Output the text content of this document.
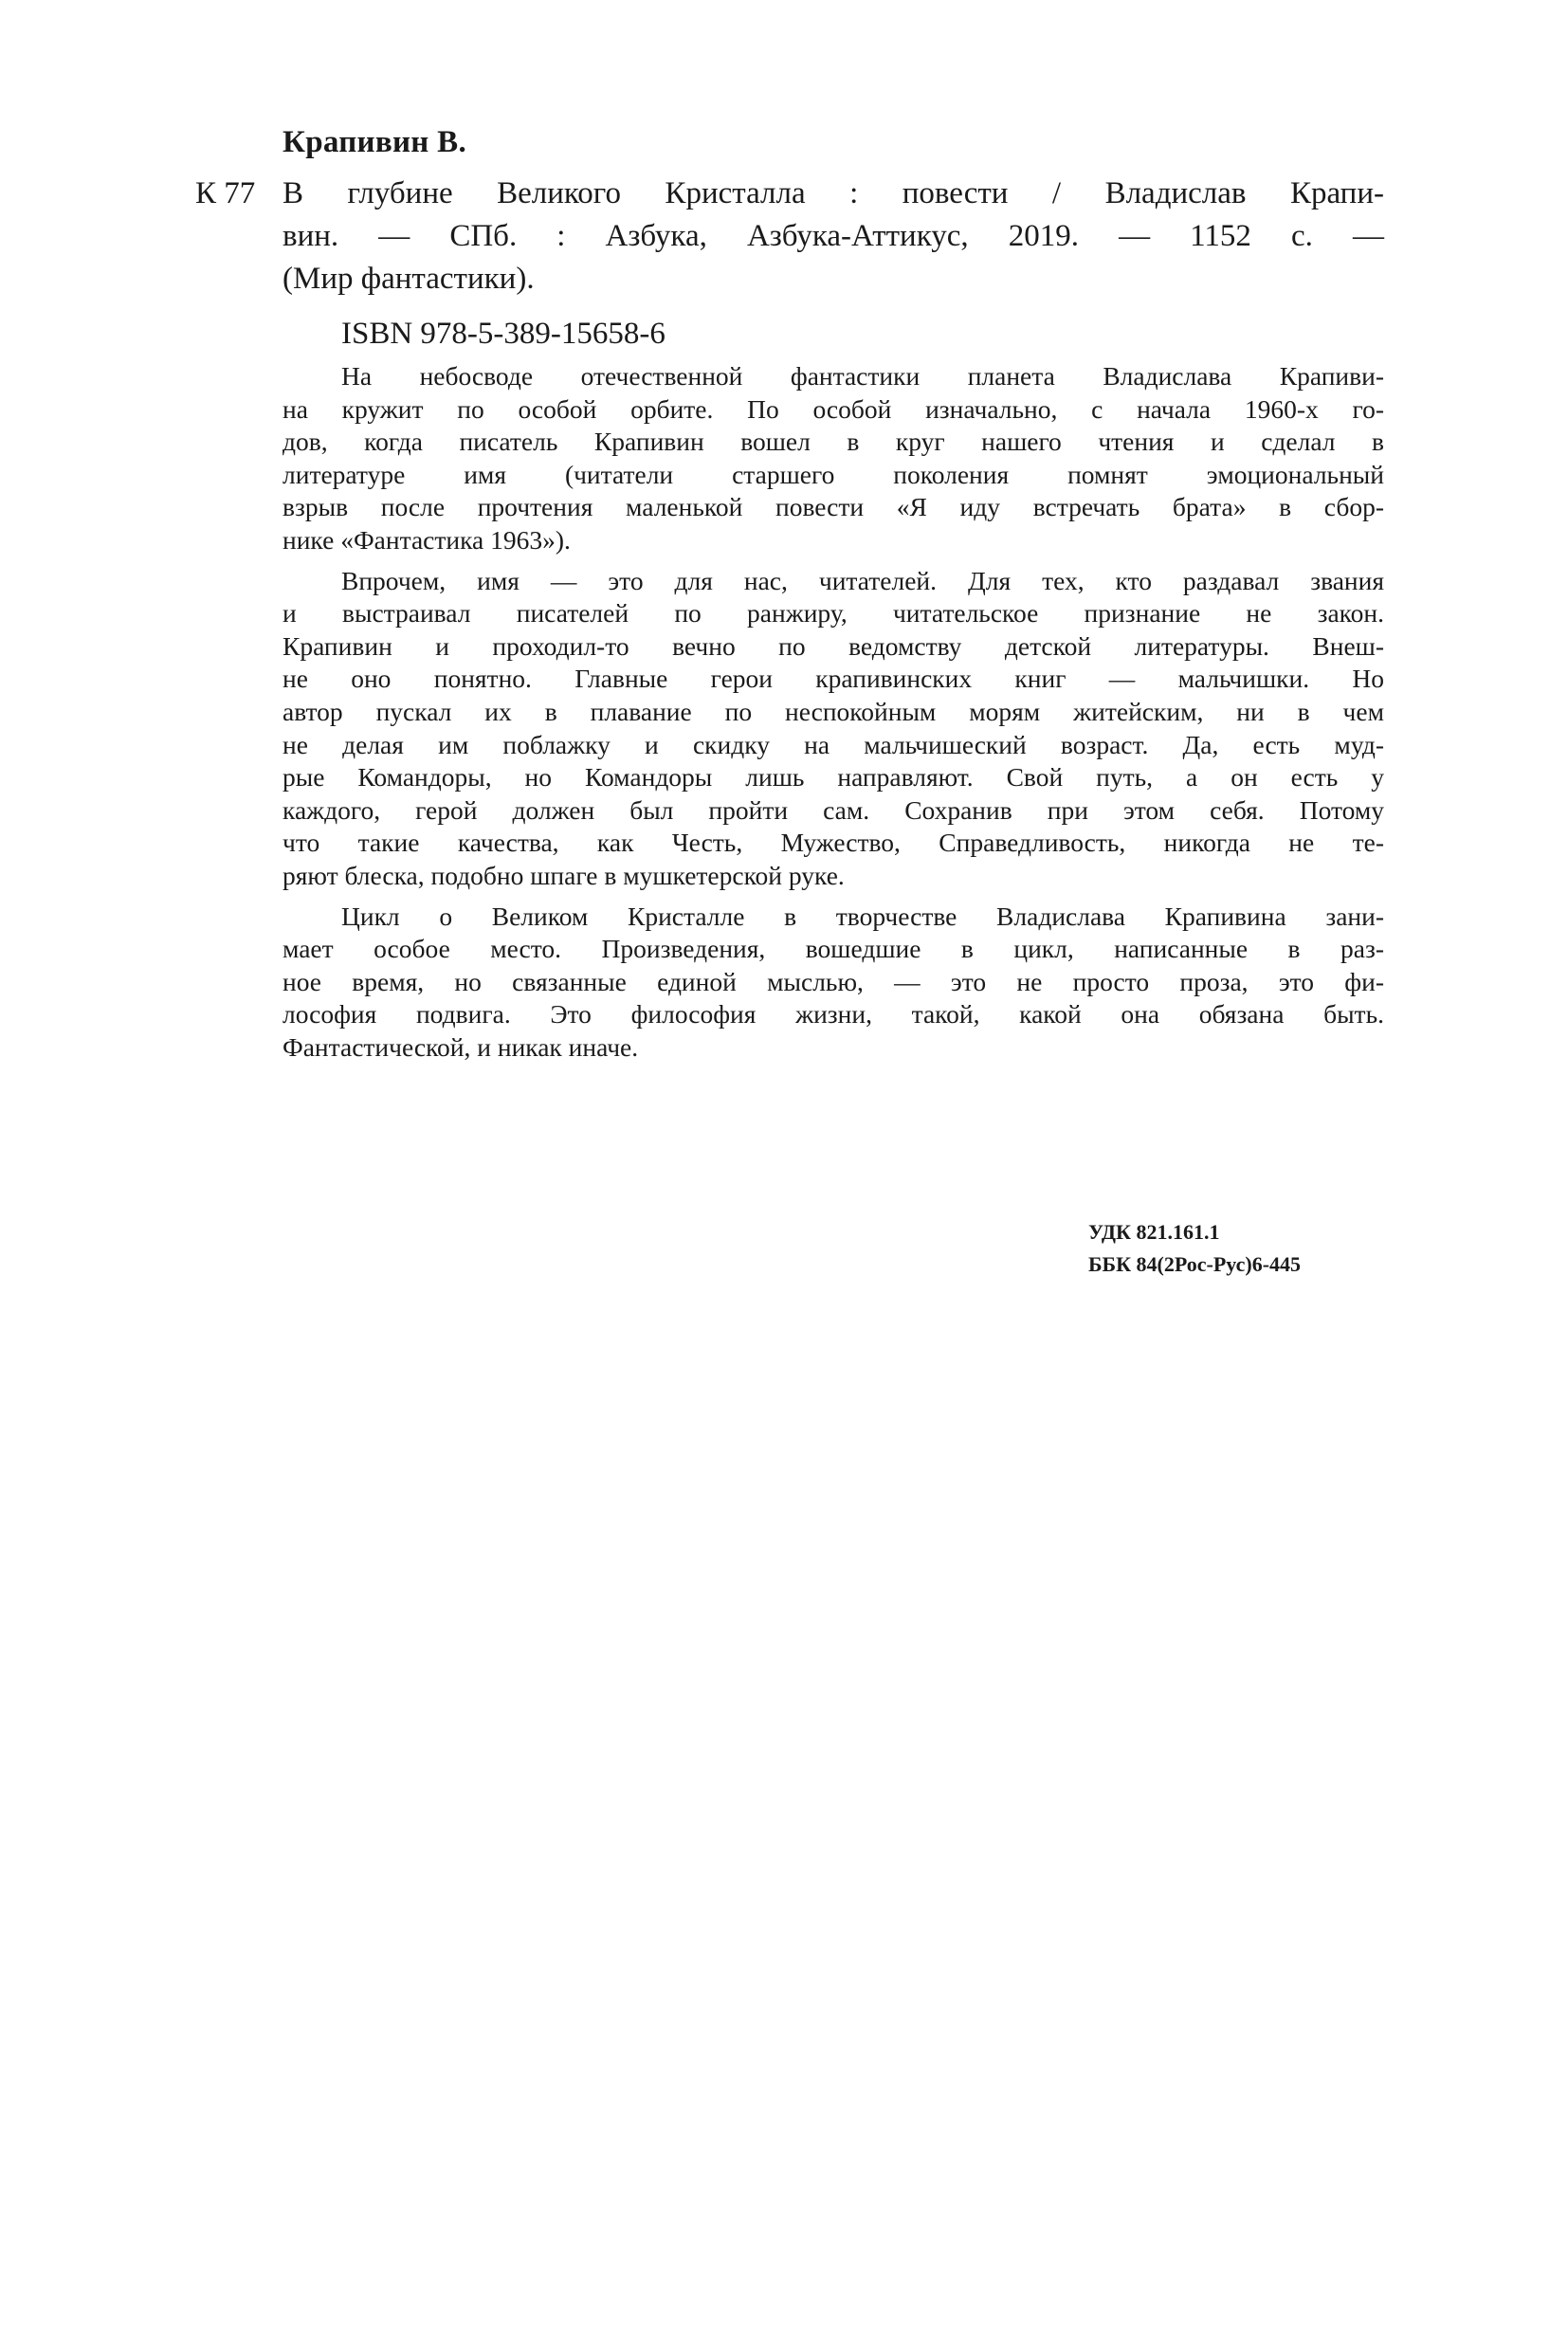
Крапивин В.
К 77 В глубине Великого Кристалла : повести / Владислав Крапи-
вин. — СПб. : Азбука, Азбука-Аттикус, 2019. — 1152 с. —
(Мир фантастики).
ISBN 978-5-389-15658-6

На небосводе отечественной фантастики планета Владислава Крапиви-
на кружит по особой орбите. По особой изначально, с начала 1960-х го-
дов, когда писатель Крапивин вошел в круг нашего чтения и сделал в
литературе имя (читатели старшего поколения помнят эмоциональный
взрыв после прочтения маленькой повести «Я иду встречать брата» в сбор-
нике «Фантастика 1963»).

Впрочем, имя — это для нас, читателей. Для тех, кто раздавал звания
и выстраивал писателей по ранжиру, читательское признание не закон.
Крапивин и проходил-то вечно по ведомству детской литературы. Внеш-
не оно понятно. Главные герои крапивинских книг — мальчишки. Но
автор пускал их в плавание по неспокойным морям житейским, ни в чем
не делая им поблажку и скидку на мальчишеский возраст. Да, есть муд-
рые Командоры, но Командоры лишь направляют. Свой путь, а он есть у
каждого, герой должен был пройти сам. Сохранив при этом себя. Потому
что такие качества, как Честь, Мужество, Справедливость, никогда не те-
ряют блеска, подобно шпаге в мушкетерской руке.

Цикл о Великом Кристалле в творчестве Владислава Крапивина зани-
мает особое место. Произведения, вошедшие в цикл, написанные в раз-
ное время, но связанные единой мыслью, — это не просто проза, это фи-
лософия подвига. Это философия жизни, такой, какой она обязана быть.
Фантастической, и никак иначе.

УДК 821.161.1
ББК 84(2Рос-Рус)6-445
